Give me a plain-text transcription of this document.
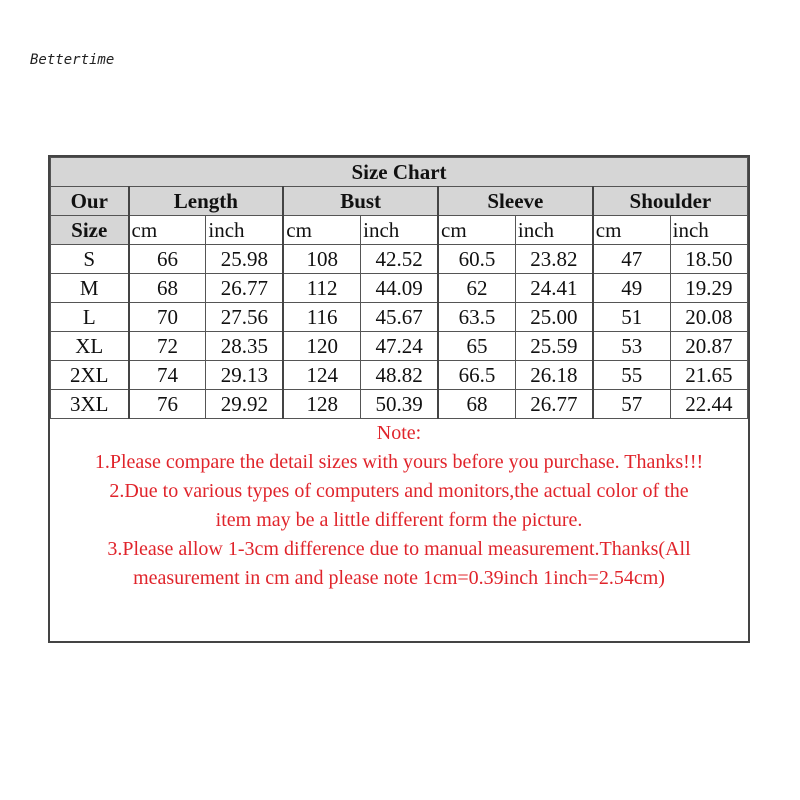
Bettertime
Size Chart								
Our	Length		Bust		Sleeve		Shoulder	
Size	cm	inch	cm	inch	cm	inch	cm	inch
S	66	25.98	108	42.52	60.5	23.82	47	18.50
M	68	26.77	112	44.09	62	24.41	49	19.29
L	70	27.56	116	45.67	63.5	25.00	51	20.08
XL	72	28.35	120	47.24	65	25.59	53	20.87
2XL	74	29.13	124	48.82	66.5	26.18	55	21.65
3XL	76	29.92	128	50.39	68	26.77	57	22.44
Note:
1.Please compare the detail sizes with yours before you purchase. Thanks!!!
2.Due to various types of computers and monitors,the actual color of the
item may be a little different form the picture.
3.Please allow 1-3cm difference due to manual measurement.Thanks(All
measurement in cm and please note 1cm=0.39inch 1inch=2.54cm)
